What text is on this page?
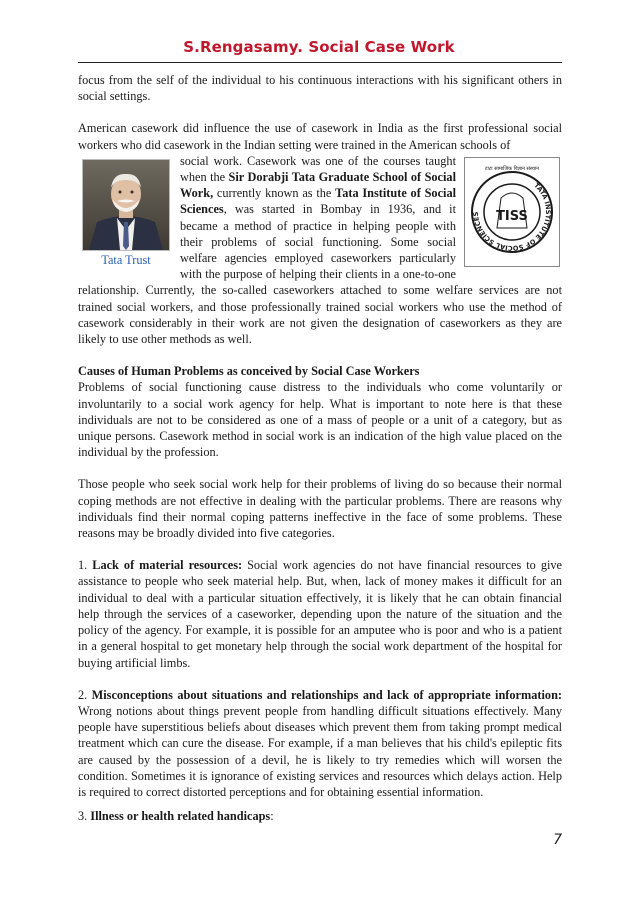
S.Rengasamy. Social Case Work

focus from the self of the individual to his continuous interactions with his significant others in social settings.

American casework did influence the use of casework in India as the first professional social workers who did casework in the Indian setting were trained in the American schools of

Tata Trust
TATA INSTITUTE OF SOCIAL SCIENCES
टाटा सामाजिक विज्ञान संस्थान
TISS
social work. Casework was one of the courses taught when the Sir Dorabji Tata Graduate School of Social Work, currently known as the Tata Institute of Social Sciences, was started in Bombay in 1936, and it became a method of practice in helping people with their problems of social functioning. Some social welfare agencies employed caseworkers particularly with the purpose of helping their clients in a one-to-one relationship. Currently, the so-called caseworkers attached to some welfare services are not trained social workers, and those professionally trained social workers who use the method of casework considerably in their work are not given the designation of caseworkers as they are likely to use other methods as well.

Causes of Human Problems as conceived by Social Case Workers

Problems of social functioning cause distress to the individuals who come voluntarily or involuntarily to a social work agency for help. What is important to note here is that these individuals are not to be considered as one of a mass of people or a unit of a category, but as unique persons. Casework method in social work is an indication of the high value placed on the individual by the profession.

Those people who seek social work help for their problems of living do so because their normal coping methods are not effective in dealing with the particular problems. There are reasons why individuals find their normal coping patterns ineffective in the face of some problems. These reasons may be broadly divided into five categories.

1. Lack of material resources: Social work agencies do not have financial resources to give assistance to people who seek material help. But, when, lack of money makes it difficult for an individual to deal with a particular situation effectively, it is likely that he can obtain financial help through the services of a caseworker, depending upon the nature of the situation and the policy of the agency. For example, it is possible for an amputee who is poor and who is a patient in a general hospital to get monetary help through the social work department of the hospital for buying artificial limbs.

2. Misconceptions about situations and relationships and lack of appropriate information: Wrong notions about things prevent people from handling difficult situations effectively. Many people have superstitious beliefs about diseases which prevent them from taking prompt medical treatment which can cure the disease. For example, if a man believes that his child's epileptic fits are caused by the possession of a devil, he is likely to try remedies which will worsen the condition. Sometimes it is ignorance of existing services and resources which delays action. Help is required to correct distorted perceptions and for obtaining essential information.

3. Illness or health related handicaps:

7
